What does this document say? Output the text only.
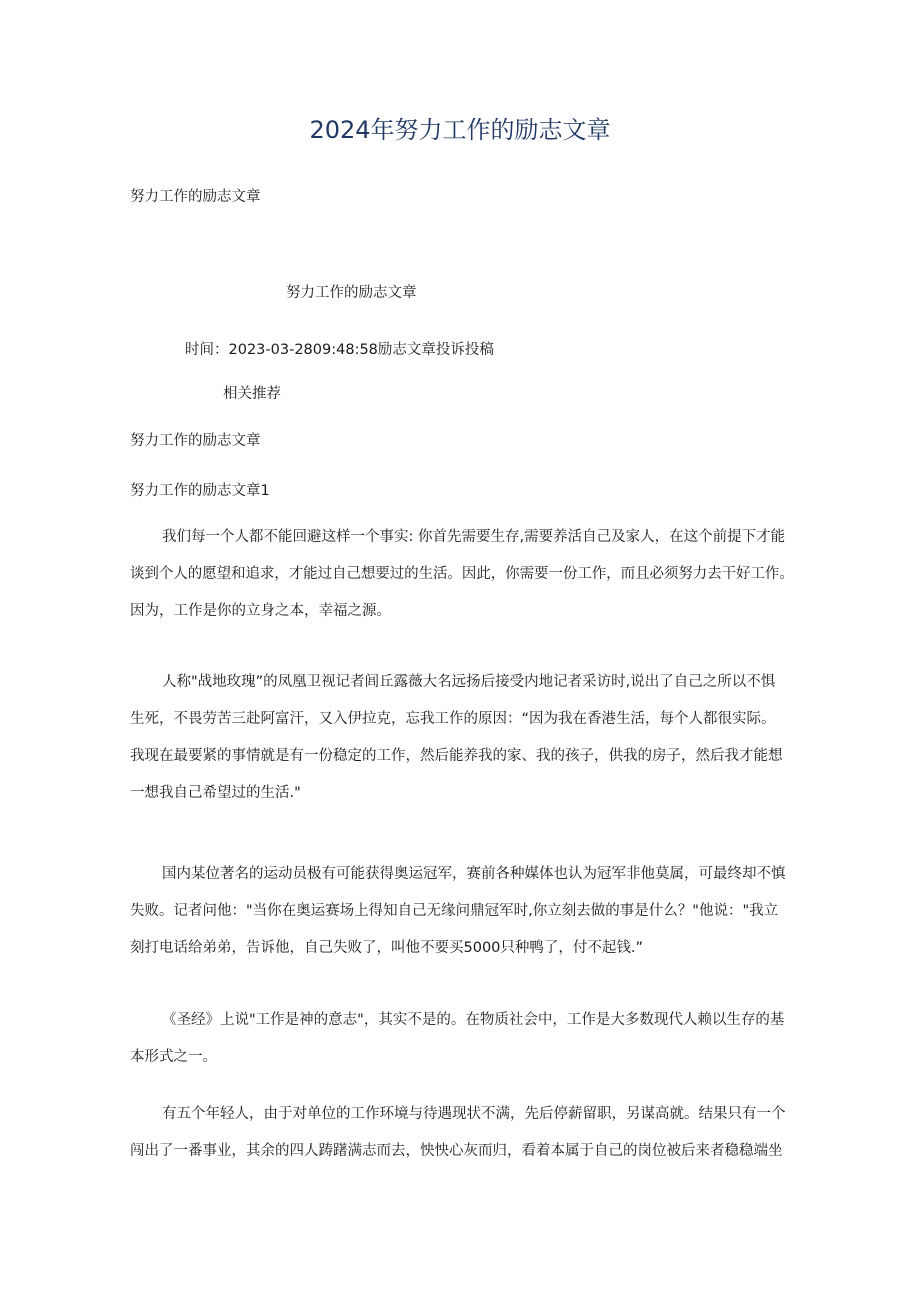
2024年努力工作的励志文章

努力工作的励志文章

努力工作的励志文章

时间：2023-03-2809:48:58励志文章投诉投稿

相关推荐

努力工作的励志文章

努力工作的励志文章1

我们每一个人都不能回避这样一个事实: 你首先需要生存,需要养活自己及家人，在这个前提下才能
谈到个人的愿望和追求，才能过自己想要过的生活。因此，你需要一份工作，而且必须努力去干好工作。
因为，工作是你的立身之本，幸福之源。
人称"战地玫瑰”的凤凰卫视记者闾丘露薇大名远扬后接受内地记者采访时,说出了自己之所以不惧
生死，不畏劳苦三赴阿富汗，又入伊拉克，忘我工作的原因：“因为我在香港生活，每个人都很实际。
我现在最要紧的事情就是有一份稳定的工作，然后能养我的家、我的孩子，供我的房子，然后我才能想
一想我自己希望过的生活."
国内某位著名的运动员极有可能获得奥运冠军，赛前各种媒体也认为冠军非他莫属，可最终却不慎
失败。记者问他："当你在奥运赛场上得知自己无缘问鼎冠军时,你立刻去做的事是什么？"他说："我立
刻打电话给弟弟，告诉他，自己失败了，叫他不要买5000只种鸭了，付不起钱.”
《圣经》上说"工作是神的意志"，其实不是的。在物质社会中，工作是大多数现代人赖以生存的基
本形式之一。
有五个年轻人，由于对单位的工作环境与待遇现状不满，先后停薪留职，另谋高就。结果只有一个
闯出了一番事业，其余的四人踌躇满志而去，怏怏心灰而归，看着本属于自己的岗位被后来者稳稳端坐
